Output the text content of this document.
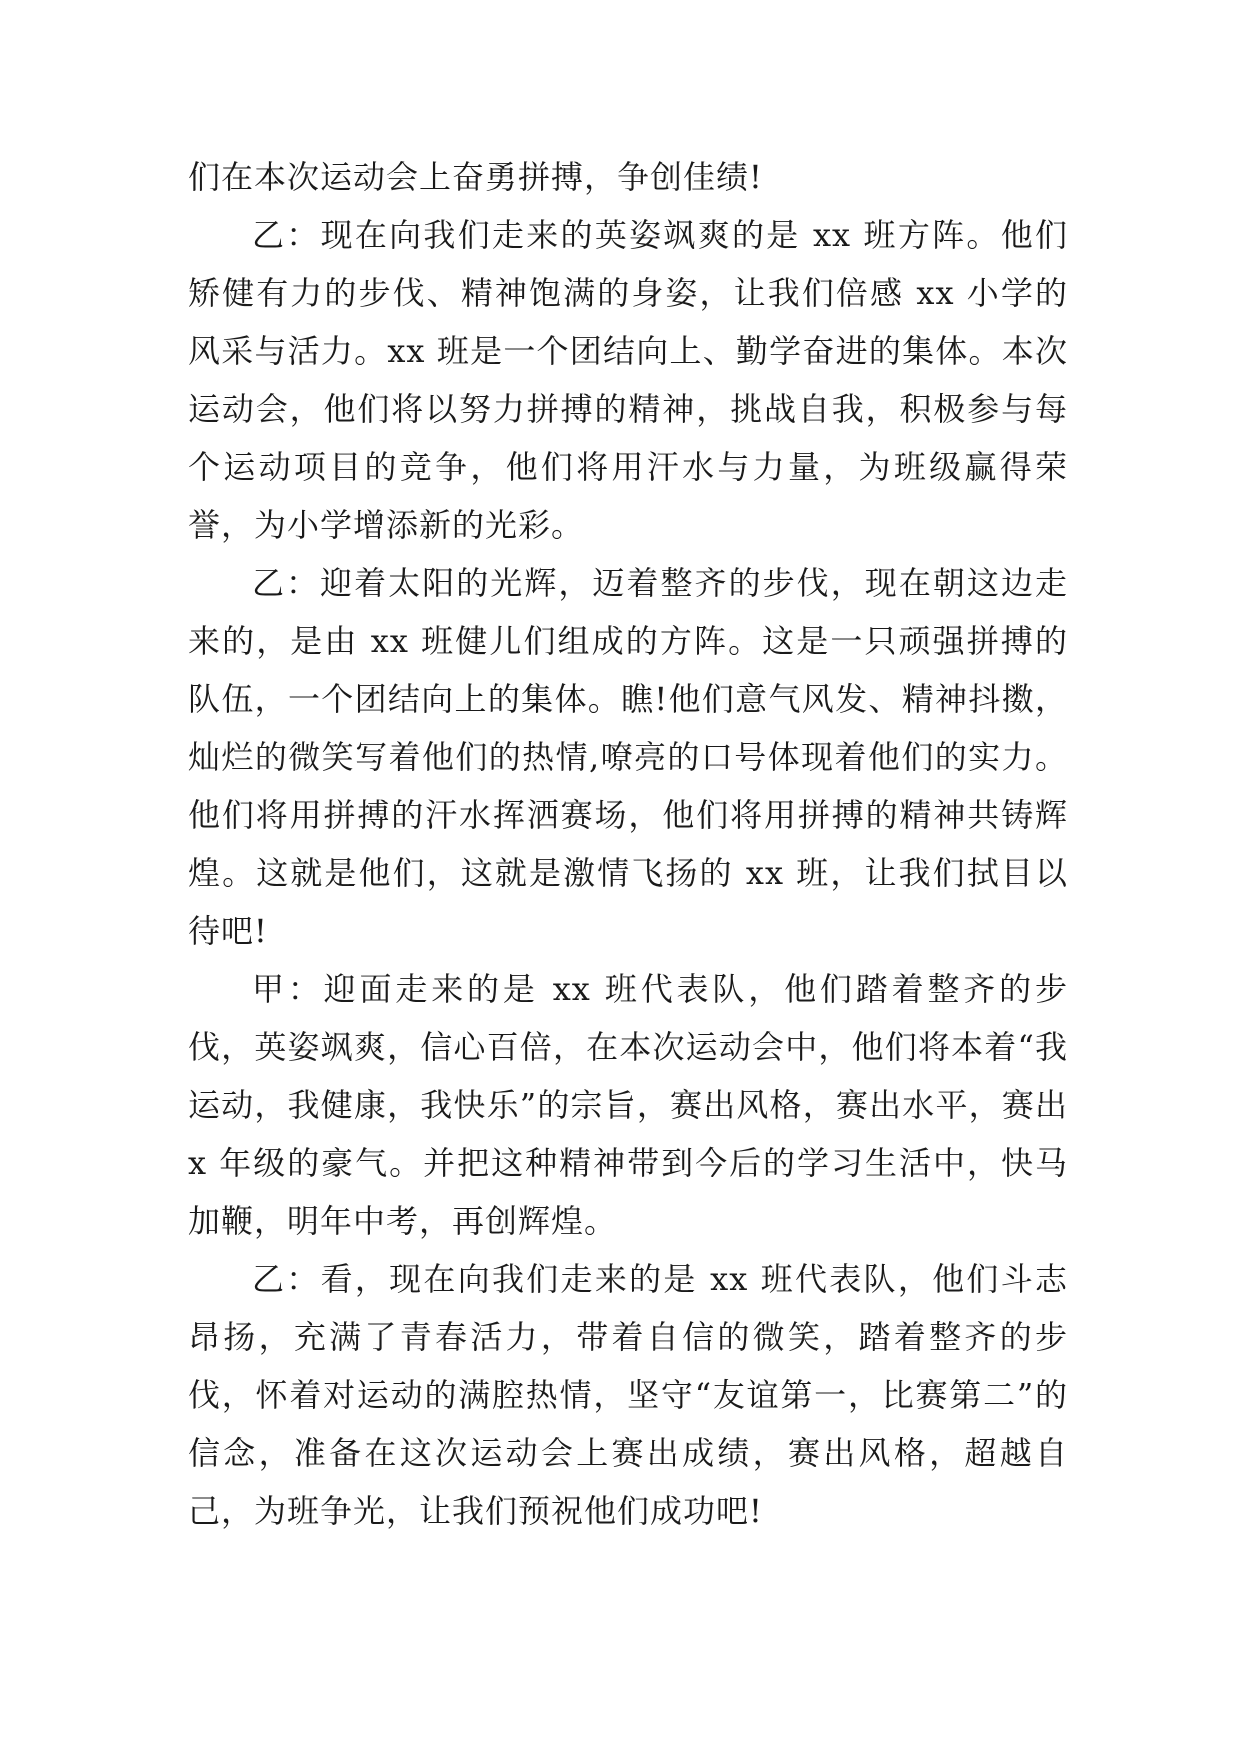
们在本次运动会上奋勇拼搏，争创佳绩!

乙：现在向我们走来的英姿飒爽的是 xx 班方阵。他们矫健有力的步伐、精神饱满的身姿，让我们倍感 xx 小学的风采与活力。xx 班是一个团结向上、勤学奋进的集体。本次运动会，他们将以努力拼搏的精神，挑战自我，积极参与每个运动项目的竞争，他们将用汗水与力量，为班级赢得荣誉，为小学增添新的光彩。

乙：迎着太阳的光辉，迈着整齐的步伐，现在朝这边走来的，是由 xx 班健儿们组成的方阵。这是一只顽强拼搏的队伍，一个团结向上的集体。瞧!他们意气风发、精神抖擞，灿烂的微笑写着他们的热情,嘹亮的口号体现着他们的实力。他们将用拼搏的汗水挥洒赛场，他们将用拼搏的精神共铸辉煌。这就是他们，这就是激情飞扬的 xx 班，让我们拭目以待吧!

甲：迎面走来的是 xx 班代表队，他们踏着整齐的步伐，英姿飒爽，信心百倍，在本次运动会中，他们将本着“我运动，我健康，我快乐”的宗旨，赛出风格，赛出水平，赛出 x 年级的豪气。并把这种精神带到今后的学习生活中，快马加鞭，明年中考，再创辉煌。

乙：看，现在向我们走来的是 xx 班代表队，他们斗志昂扬，充满了青春活力，带着自信的微笑，踏着整齐的步伐，怀着对运动的满腔热情，坚守“友谊第一，比赛第二”的信念，准备在这次运动会上赛出成绩，赛出风格，超越自己，为班争光，让我们预祝他们成功吧!
